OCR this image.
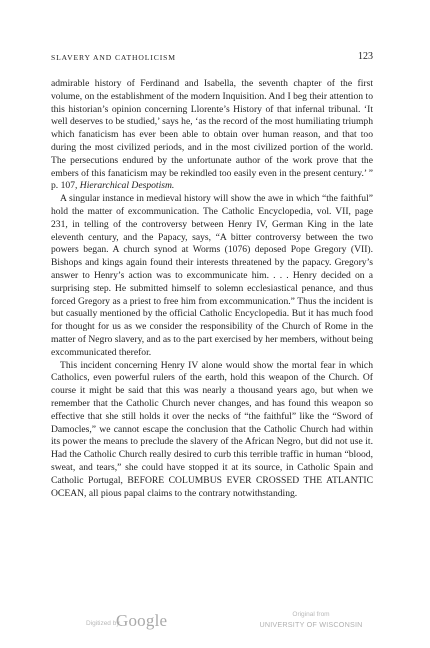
SLAVERY AND CATHOLICISM	123

admirable history of Ferdinand and Isabella, the seventh chapter of the first volume, on the establishment of the modern Inquisition. And I beg their attention to this historian’s opinion concerning Llorente’s History of that infernal tribunal. ‘It well deserves to be studied,’ says he, ‘as the record of the most humiliating triumph which fanaticism has ever been able to obtain over human reason, and that too during the most civilized periods, and in the most civilized portion of the world. The persecutions endured by the unfortunate author of the work prove that the embers of this fanaticism may be rekindled too easily even in the present century.’ ” p. 107, Hierarchical Despotism.

A singular instance in medieval history will show the awe in which “the faithful” hold the matter of excommunication. The Catholic Encyclopedia, vol. VII, page 231, in telling of the controversy between Henry IV, German King in the late eleventh century, and the Papacy, says, “A bitter controversy between the two powers began. A church synod at Worms (1076) deposed Pope Gregory (VII). Bishops and kings again found their interests threatened by the papacy. Gregory’s answer to Henry’s action was to excommunicate him. . . . Henry decided on a surprising step. He submitted himself to solemn ecclesiastical penance, and thus forced Gregory as a priest to free him from excommunication.” Thus the incident is but casually mentioned by the official Catholic Encyclopedia. But it has much food for thought for us as we consider the responsibility of the Church of Rome in the matter of Negro slavery, and as to the part exercised by her members, without being excommunicated therefor.

This incident concerning Henry IV alone would show the mortal fear in which Catholics, even powerful rulers of the earth, hold this weapon of the Church. Of course it might be said that this was nearly a thousand years ago, but when we remember that the Catholic Church never changes, and has found this weapon so effective that she still holds it over the necks of “the faithful” like the “Sword of Damocles,” we cannot escape the conclusion that the Catholic Church had within its power the means to preclude the slavery of the African Negro, but did not use it. Had the Catholic Church really desired to curb this terrible traffic in human “blood, sweat, and tears,” she could have stopped it at its source, in Catholic Spain and Catholic Portugal, BEFORE COLUMBUS EVER CROSSED THE ATLANTIC OCEAN, all pious papal claims to the contrary notwithstanding.

Digitized by
Google	Original from
UNIVERSITY OF WISCONSIN
